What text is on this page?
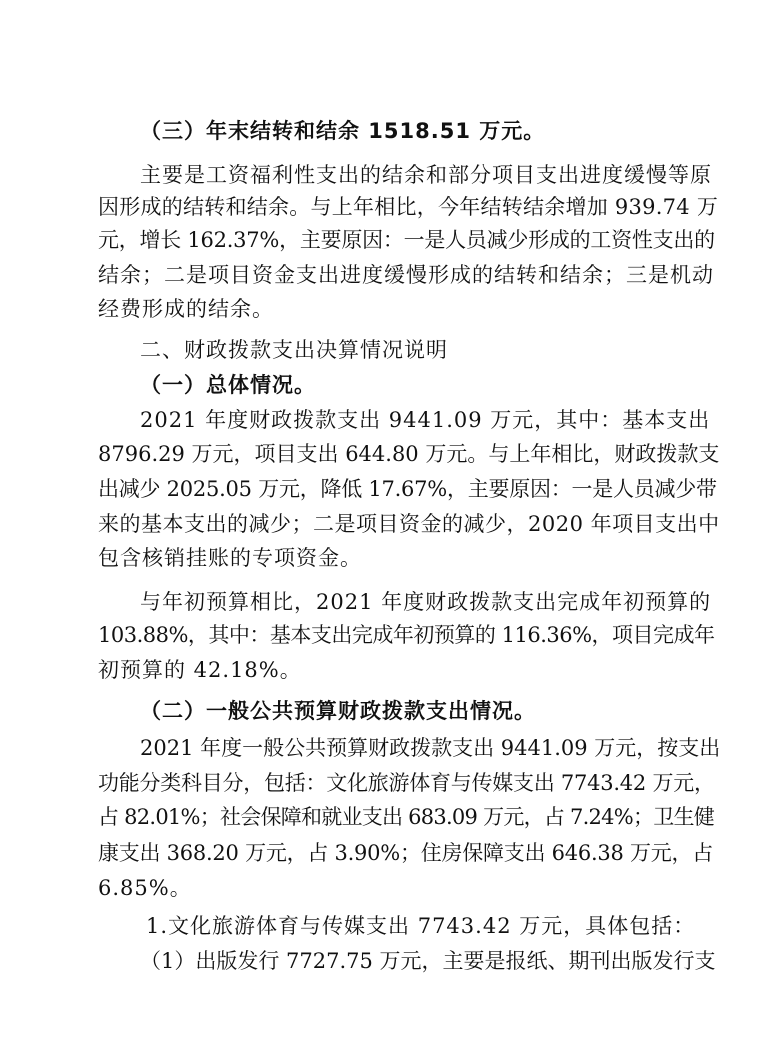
（三）年末结转和结余 1518.51 万元。
主要是工资福利性支出的结余和部分项目支出进度缓慢等原
因形成的结转和结余。与上年相比，今年结转结余增加 939.74 万
元，增长 162.37%，主要原因：一是人员减少形成的工资性支出的
结余；二是项目资金支出进度缓慢形成的结转和结余；三是机动
经费形成的结余。
二、财政拨款支出决算情况说明
（一）总体情况。
2021 年度财政拨款支出 9441.09 万元，其中：基本支出
8796.29 万元，项目支出 644.80 万元。与上年相比，财政拨款支
出减少 2025.05 万元，降低 17.67%，主要原因：一是人员减少带
来的基本支出的减少；二是项目资金的减少，2020 年项目支出中
包含核销挂账的专项资金。
与年初预算相比，2021 年度财政拨款支出完成年初预算的
103.88%，其中：基本支出完成年初预算的 116.36%，项目完成年
初预算的 42.18%。
（二）一般公共预算财政拨款支出情况。
2021 年度一般公共预算财政拨款支出 9441.09 万元，按支出
功能分类科目分，包括：文化旅游体育与传媒支出 7743.42 万元，
占 82.01%；社会保障和就业支出 683.09 万元，占 7.24%；卫生健
康支出 368.20 万元，占 3.90%；住房保障支出 646.38 万元，占
6.85%。
1.文化旅游体育与传媒支出 7743.42 万元，具体包括：
（1）出版发行 7727.75 万元，主要是报纸、期刊出版发行支
